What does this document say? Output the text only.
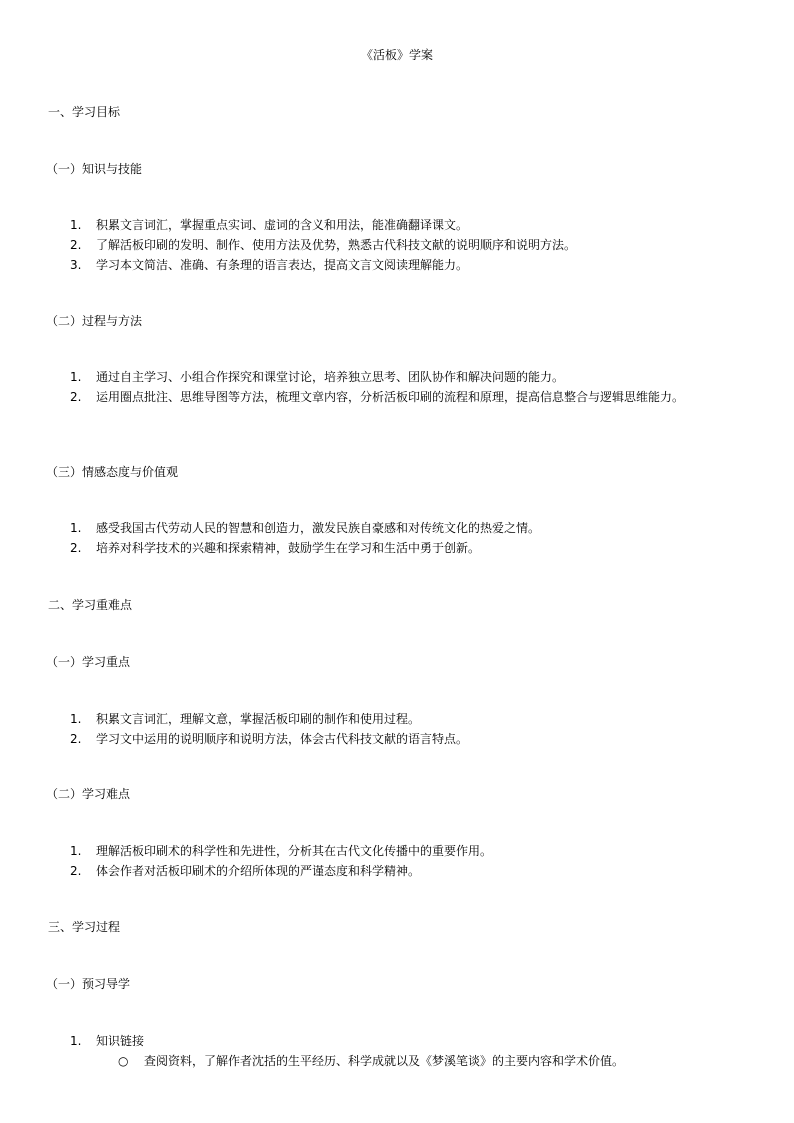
《活板》学案
一、学习目标
（一）知识与技能
1. 积累文言词汇，掌握重点实词、虚词的含义和用法，能准确翻译课文。
2. 了解活板印刷的发明、制作、使用方法及优势，熟悉古代科技文献的说明顺序和说明方法。
3. 学习本文简洁、准确、有条理的语言表达，提高文言文阅读理解能力。
（二）过程与方法
1. 通过自主学习、小组合作探究和课堂讨论，培养独立思考、团队协作和解决问题的能力。
2. 运用圈点批注、思维导图等方法，梳理文章内容，分析活板印刷的流程和原理，提高信息整合与逻辑思维能力。
（三）情感态度与价值观
1. 感受我国古代劳动人民的智慧和创造力，激发民族自豪感和对传统文化的热爱之情。
2. 培养对科学技术的兴趣和探索精神，鼓励学生在学习和生活中勇于创新。
二、学习重难点
（一）学习重点
1. 积累文言词汇，理解文意，掌握活板印刷的制作和使用过程。
2. 学习文中运用的说明顺序和说明方法，体会古代科技文献的语言特点。
（二）学习难点
1. 理解活板印刷术的科学性和先进性，分析其在古代文化传播中的重要作用。
2. 体会作者对活板印刷术的介绍所体现的严谨态度和科学精神。
三、学习过程
（一）预习导学
1. 知识链接
○ 查阅资料，了解作者沈括的生平经历、科学成就以及《梦溪笔谈》的主要内容和学术价值。
